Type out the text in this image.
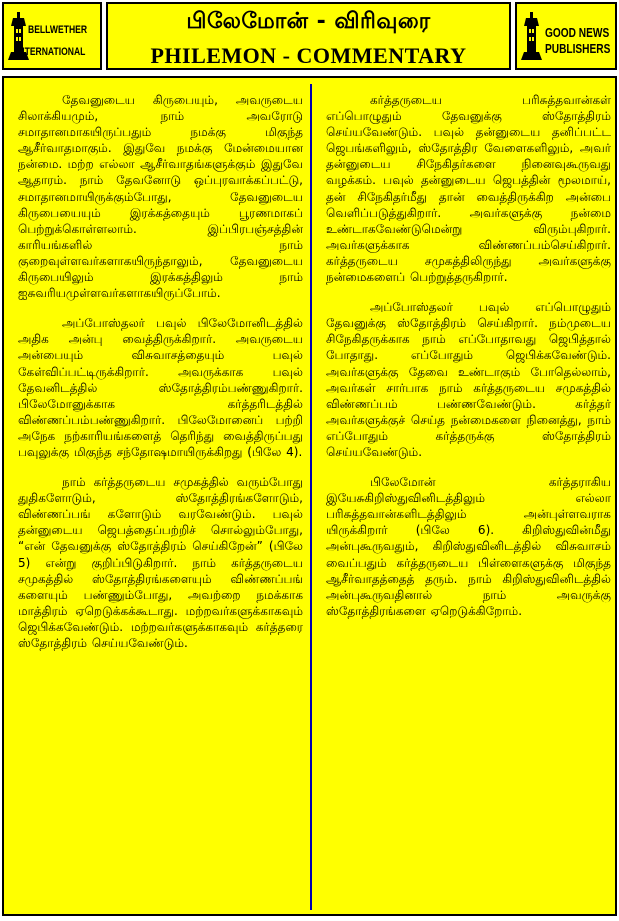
BELLWETHER
INTERNATIONAL
பிலேமோன் - விரிவுரை
PHILEMON - COMMENTARY
GOOD NEWS
PUBLISHERS

தேவனுடைய கிருபையும், அவருடைய சிலாக்கியமும், நாம் அவரோடு சமாதானமாகயிருப்பதும் நமக்கு மிகுந்த ஆசீர்வாதமாகும். இதுவே நமக்கு மேன்மையான நன்மை. மற்ற எல்லா ஆசீர்வாதங்களுக்கும் இதுவே ஆதாரம். நாம் தேவனோடு ஒப்புரவாக்கப்பட்டு, சமாதானமாயிருக்கும்போது, தேவனுடைய கிருபையையும் இரக்கத்தையும் பூரணமாகப் பெற்றுக்கொள்ளலாம். இப்பிரபஞ்சத்தின் காரியங்களில் நாம் குறைவுள்ளவர்களாகயிருந்தாலும், தேவனுடைய கிருபையிலும் இரக்கத்திலும் நாம் ஐசுவரியமுள்ளவர்களாகயிருப்போம்.

அப்போஸ்தலர் பவுல் பிலேமோனிடத்தில் அதிக அன்பு வைத்திருக்கிறார். அவருடைய அன்பையும் விசுவாசத்தையும் பவுல் கேள்விப்பட்டிருக்கிறார். அவருக்காக பவுல் தேவனிடத்தில் ஸ்தோத்திரம்பண்ணுகிறார். பிலேமோனுக்காக கர்த்தரிடத்தில் விண்ணப்பம்பண்ணுகிறார். பிலேமோனைப் பற்றி அநேக நற்காரியங்களைத் தெரிந்து வைத்திருப்பது பவுலுக்கு மிகுந்த சந்தோஷமாயிருக்கிறது (பிலே 4).

நாம் கர்த்தருடைய சமுகத்தில் வரும்போது துதிகளோடும், ஸ்தோத்திரங்களோடும், விண்ணப்பங் களோடும் வரவேண்டும். பவுல் தன்னுடைய ஜெபத்தைப்பற்றிச் சொல்லும்போது, “என் தேவனுக்கு ஸ்தோத்திரம் செய்கிறேன்” (பிலே 5) என்று குறிப்பிடுகிறார். நாம் கர்த்தருடைய சமுகத்தில் ஸ்தோத்திரங்களையும் விண்ணப்பங் களையும் பண்ணும்போது, அவற்றை நமக்காக மாத்திரம் ஏறெடுக்கக்கூடாது. மற்றவர்களுக்காகவும் ஜெபிக்கவேண்டும். மற்றவர்களுக்காகவும் கர்த்தரை ஸ்தோத்திரம் செய்யவேண்டும்.

கர்த்தருடைய பரிசுத்தவான்கள் எப்பொழுதும் தேவனுக்கு ஸ்தோத்திரம் செய்யவேண்டும். பவுல் தன்னுடைய தனிப்பட்ட ஜெபங்களிலும், ஸ்தோத்திர வேளைகளிலும், அவர் தன்னுடைய சிநேகிதர்களை நினைவுகூருவது வழக்கம். பவுல் தன்னுடைய ஜெபத்தின் மூலமாய், தன் சிநேகிதர்மீது தான் வைத்திருக்கிற அன்பை வெளிப்படுத்துகிறார். அவர்களுக்கு நன்மை உண்டாகவேண்டுமென்று விரும்புகிறார். அவர்களுக்காக விண்ணப்பம்செய்கிறார். கர்த்தருடைய சமுகத்திலிருந்து அவர்களுக்கு நன்மைகளைப் பெற்றுத்தருகிறார்.

அப்போஸ்தலர் பவுல் எப்பொழுதும் தேவனுக்கு ஸ்தோத்திரம் செய்கிறார். நம்முடைய சிநேகிதருக்காக நாம் எப்போதாவது ஜெபித்தால் போதாது. எப்போதும் ஜெபிக்கவேண்டும். அவர்களுக்கு தேவை உண்டாகும் போதெல்லாம், அவர்கள் சார்பாக நாம் கர்த்தருடைய சமுகத்தில் விண்ணப்பம் பண்ணவேண்டும். கர்த்தர் அவர்களுக்குச் செய்த நன்மைகளை நினைத்து, நாம் எப்போதும் கர்த்தருக்கு ஸ்தோத்திரம் செய்யவேண்டும்.

பிலேமோன் கர்த்தராகிய இயேசுகிறிஸ்துவினிடத்திலும் எல்லா பரிசுத்தவான்களிடத்திலும் அன்புள்ளவராக யிருக்கிறார் (பிலே 6). கிறிஸ்துவின்மீது அன்புகூருவதும், கிறிஸ்துவினிடத்தில் விசுவாசம் வைப்பதும் கர்த்தருடைய பிள்ளைகளுக்கு மிகுந்த ஆசீர்வாதத்தைத் தரும். நாம் கிறிஸ்துவினிடத்தில் அன்புகூருவதினால் நாம் அவருக்கு ஸ்தோத்திரங்களை ஏறெடுக்கிறோம்.
